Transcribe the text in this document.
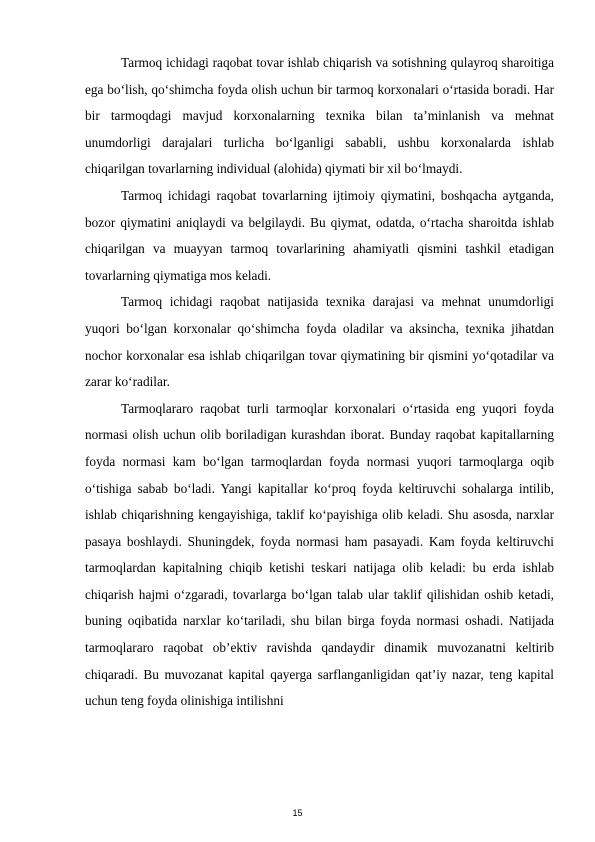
Tarmoq ichidagi raqobat tovar ishlab chiqarish va sotishning qulayroq sharoitiga ega bo‘lish, qo‘shimcha foyda olish uchun bir tarmoq korxonalari o‘rtasida boradi. Har bir tarmoqdagi mavjud korxonalarning texnika bilan ta’minlanish va mehnat unumdorligi darajalari turlicha bo‘lganligi sababli, ushbu korxonalarda ishlab chiqarilgan tovarlarning individual (alohida) qiymati bir xil bo‘lmaydi.

Tarmoq ichidagi raqobat tovarlarning ijtimoiy qiymatini, boshqacha aytganda, bozor qiymatini aniqlaydi va belgilaydi. Bu qiymat, odatda, o‘rtacha sharoitda ishlab chiqarilgan va muayyan tarmoq tovarlarining ahamiyatli qismini tashkil etadigan tovarlarning qiymatiga mos keladi.

Tarmoq ichidagi raqobat natijasida texnika darajasi va mehnat unumdorligi yuqori bo‘lgan korxonalar qo‘shimcha foyda oladilar va aksincha, texnika jihatdan nochor korxonalar esa ishlab chiqarilgan tovar qiymatining bir qismini yo‘qotadilar va zarar ko‘radilar.

Tarmoqlararo raqobat turli tarmoqlar korxonalari o‘rtasida eng yuqori foyda normasi olish uchun olib boriladigan kurashdan iborat. Bunday raqobat kapitallarning foyda normasi kam bo‘lgan tarmoqlardan foyda normasi yuqori tarmoqlarga oqib o‘tishiga sabab bo‘ladi. Yangi kapitallar ko‘proq foyda keltiruvchi sohalarga intilib, ishlab chiqarishning kengayishiga, taklif ko‘payishiga olib keladi. Shu asosda, narxlar pasaya boshlaydi. Shuningdek, foyda normasi ham pasayadi. Kam foyda keltiruvchi tarmoqlardan kapitalning chiqib ketishi teskari natijaga olib keladi: bu erda ishlab chiqarish hajmi o‘zgaradi, tovarlarga bo‘lgan talab ular taklif qilishidan oshib ketadi, buning oqibatida narxlar ko‘tariladi, shu bilan birga foyda normasi oshadi. Natijada tarmoqlararo raqobat ob’ektiv ravishda qandaydir dinamik muvozanatni keltirib chiqaradi. Bu muvozanat kapital qayerga sarflanganligidan qat’iy nazar, teng kapital uchun teng foyda olinishiga intilishni

15
